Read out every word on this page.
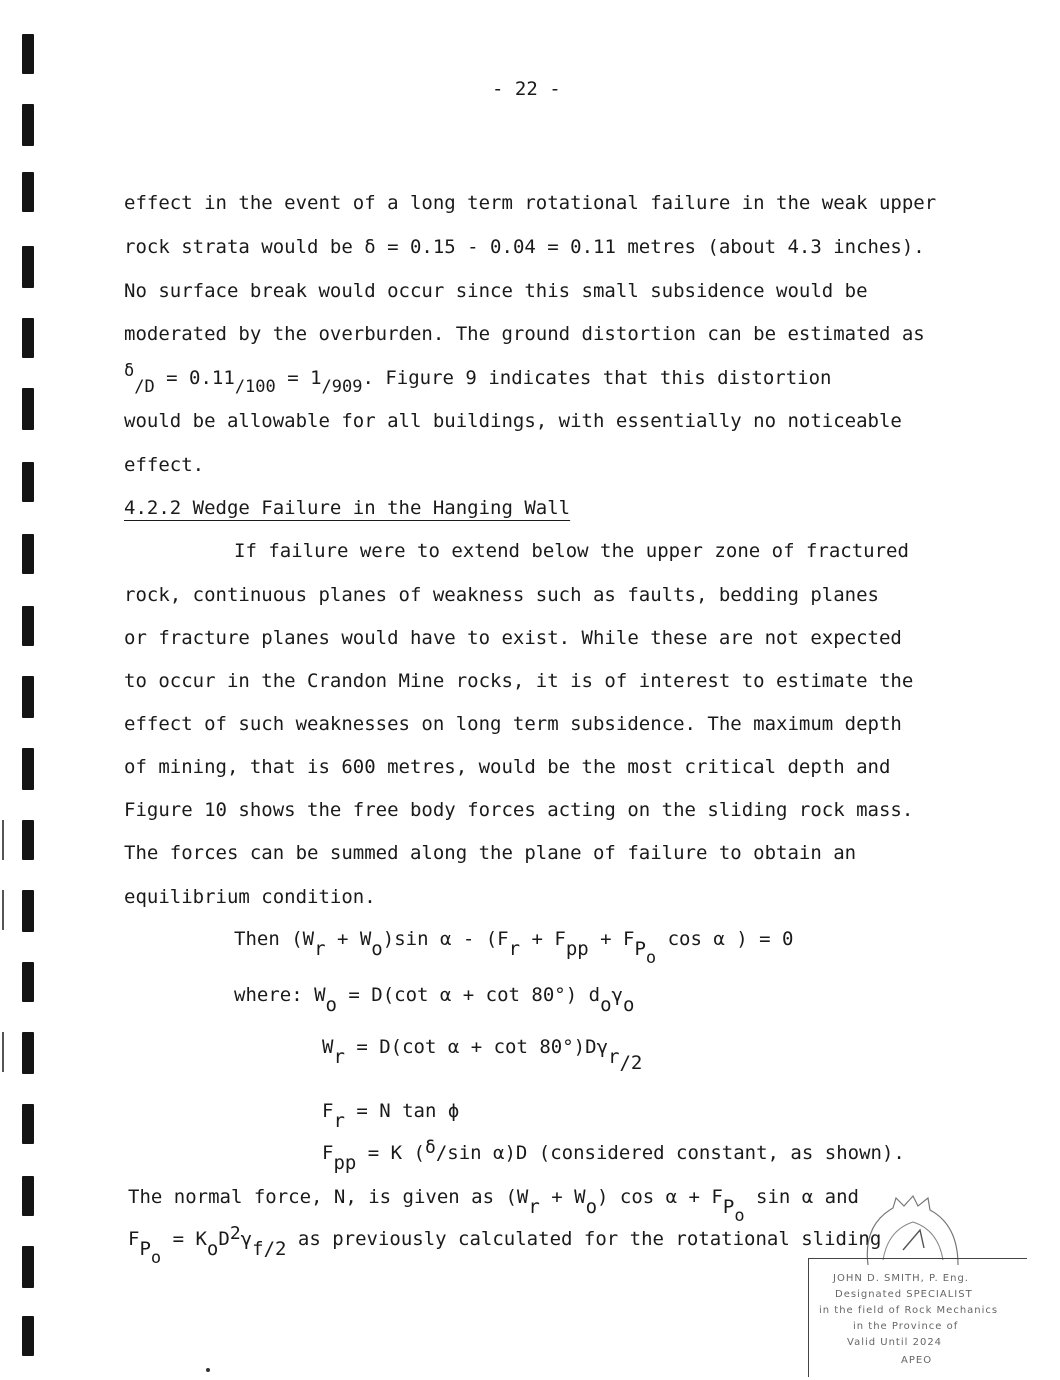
- 22 -
effect in the event of a long term rotational failure in the weak upper
rock strata would be δ = 0.15 - 0.04 = 0.11 metres (about 4.3 inches).
No surface break would occur since this small subsidence would be
moderated by the overburden. The ground distortion can be estimated as
δ/D = 0.11/100 = 1/909. Figure 9 indicates that this distortion
would be allowable for all buildings, with essentially no noticeable
effect.
4.2.2 Wedge Failure in the Hanging Wall
If failure were to extend below the upper zone of fractured
rock, continuous planes of weakness such as faults, bedding planes
or fracture planes would have to exist. While these are not expected
to occur in the Crandon Mine rocks, it is of interest to estimate the
effect of such weaknesses on long term subsidence. The maximum depth
of mining, that is 600 metres, would be the most critical depth and
Figure 10 shows the free body forces acting on the sliding rock mass.
The forces can be summed along the plane of failure to obtain an
equilibrium condition.
Then (Wr + Wo)sin α - (Fr + Fpp + FPo cos α ) = 0
where: Wo = D(cot α + cot 80°) doγo
Wr = D(cot α + cot 80°)Dγr/2
Fr = N tan ϕ
Fpp = K (δ/sin α)D (considered constant, as shown).
The normal force, N, is given as (Wr + Wo) cos α + FPo sin α and
FPo = KoD2γf/2 as previously calculated for the rotational sliding
JOHN D. SMITH, P. Eng.
Designated SPECIALIST
in the field of Rock Mechanics
in the Province of
Valid Until 2024
APEO
